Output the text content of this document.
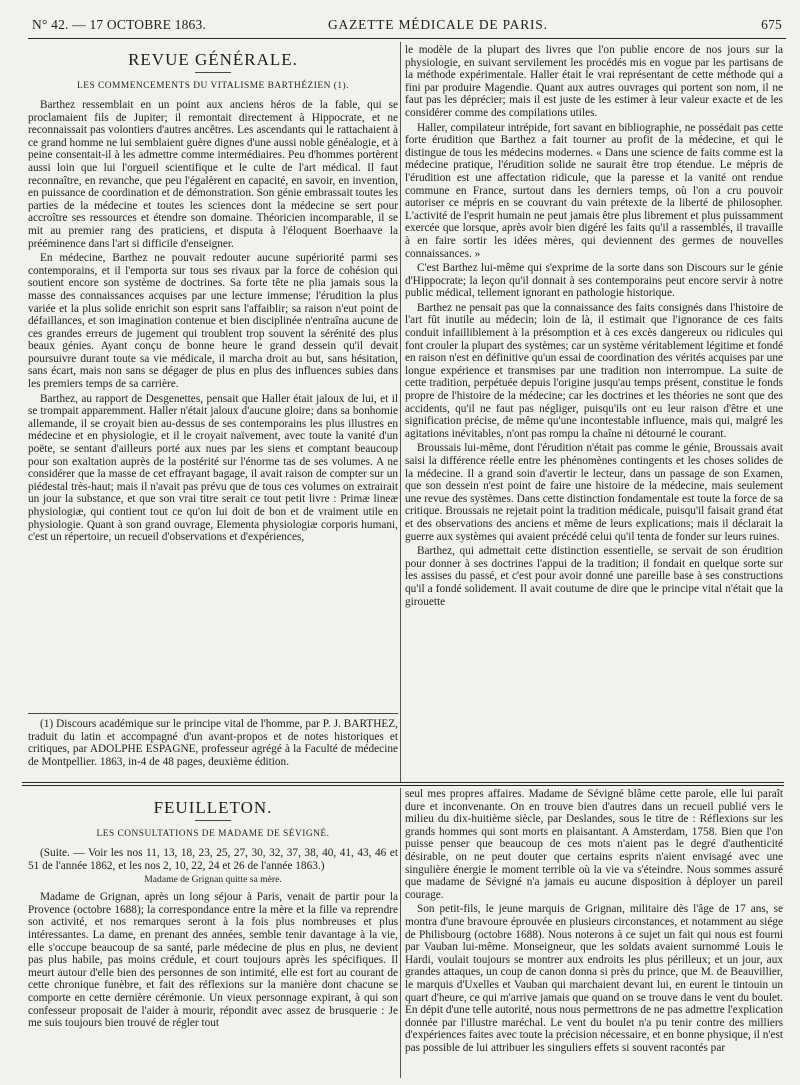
N° 42. — 17 OCTOBRE 1863.	GAZETTE MÉDICALE DE PARIS.	675
REVUE GÉNÉRALE.
LES COMMENCEMENTS DU VITALISME BARTHÉZIEN (1).

Barthez ressemblait en un point aux anciens héros de la fable, qui se proclamaient fils de Jupiter; il remontait directement à Hippocrate, et ne reconnaissait pas volontiers d'autres ancêtres. Les ascendants qui le rattachaient à ce grand homme ne lui semblaient guère dignes d'une aussi noble généalogie, et à peine consentait-il à les admettre comme intermédiaires. Peu d'hommes portèrent aussi loin que lui l'orgueil scientifique et le culte de l'art médical. Il faut reconnaître, en revanche, que peu l'égalèrent en capacité, en savoir, en invention, en puissance de coordination et de démonstration. Son génie embrassait toutes les parties de la médecine et toutes les sciences dont la médecine se sert pour accroître ses ressources et étendre son domaine. Théoricien incomparable, il se mit au premier rang des praticiens, et disputa à l'éloquent Boerhaave la prééminence dans l'art si difficile d'enseigner.

En médecine, Barthez ne pouvait redouter aucune supériorité parmi ses contemporains, et il l'emporta sur tous ses rivaux par la force de cohésion qui soutient encore son système de doctrines. Sa forte tête ne plia jamais sous la masse des connaissances acquises par une lecture immense; l'érudition la plus variée et la plus solide enrichit son esprit sans l'affaiblir; sa raison n'eut point de défaillances, et son imagination contenue et bien disciplinée n'entraîna aucune de ces grandes erreurs de jugement qui troublent trop souvent la sérénité des plus beaux génies. Ayant conçu de bonne heure le grand dessein qu'il devait poursuivre durant toute sa vie médicale, il marcha droit au but, sans hésitation, sans écart, mais non sans se dégager de plus en plus des influences subies dans les premiers temps de sa carrière.

Barthez, au rapport de Desgenettes, pensait que Haller était jaloux de lui, et il se trompait apparemment. Haller n'était jaloux d'aucune gloire; dans sa bonhomie allemande, il se croyait bien au-dessus de ses contemporains les plus illustres en médecine et en physiologie, et il le croyait naïvement, avec toute la vanité d'un poëte, se sentant d'ailleurs porté aux nues par les siens et comptant beaucoup pour son exaltation auprès de la postérité sur l'énorme tas de ses volumes. A ne considérer que la masse de cet effrayant bagage, il avait raison de compter sur un piédestal très-haut; mais il n'avait pas prévu que de tous ces volumes on extrairait un jour la substance, et que son vrai titre serait ce tout petit livre : Primæ lineæ physiologiæ, qui contient tout ce qu'on lui doit de bon et de vraiment utile en physiologie. Quant à son grand ouvrage, Elementa physiologiæ corporis humani, c'est un répertoire, un recueil d'observations et d'expériences,

(1) Discours académique sur le principe vital de l'homme, par P. J. BARTHEZ, traduit du latin et accompagné d'un avant-propos et de notes historiques et critiques, par ADOLPHE ESPAGNE, professeur agrégé à la Faculté de médecine de Montpellier. 1863, in-4 de 48 pages, deuxième édition.

le modèle de la plupart des livres que l'on publie encore de nos jours sur la physiologie, en suivant servilement les procédés mis en vogue par les partisans de la méthode expérimentale. Haller était le vrai représentant de cette méthode qui a fini par produire Magendie. Quant aux autres ouvrages qui portent son nom, il ne faut pas les déprécier; mais il est juste de les estimer à leur valeur exacte et de les considérer comme des compilations utiles.

Haller, compilateur intrépide, fort savant en bibliographie, ne possédait pas cette forte érudition que Barthez a fait tourner au profit de la médecine, et qui le distingue de tous les médecins modernes. « Dans une science de faits comme est la médecine pratique, l'érudition solide ne saurait être trop étendue. Le mépris de l'érudition est une affectation ridicule, que la paresse et la vanité ont rendue commune en France, surtout dans les derniers temps, où l'on a cru pouvoir autoriser ce mépris en se couvrant du vain prétexte de la liberté de philosopher. L'activité de l'esprit humain ne peut jamais être plus librement et plus puissamment exercée que lorsque, après avoir bien digéré les faits qu'il a rassemblés, il travaille à en faire sortir les idées mères, qui deviennent des germes de nouvelles connaissances. »

C'est Barthez lui-même qui s'exprime de la sorte dans son Discours sur le génie d'Hippocrate; la leçon qu'il donnait à ses contemporains peut encore servir à notre public médical, tellement ignorant en pathologie historique.

Barthez ne pensait pas que la connaissance des faits consignés dans l'histoire de l'art fût inutile au médecin; loin de là, il estimait que l'ignorance de ces faits conduit infailliblement à la présomption et à ces excès dangereux ou ridicules qui font crouler la plupart des systèmes; car un système véritablement légitime et fondé en raison n'est en définitive qu'un essai de coordination des vérités acquises par une longue expérience et transmises par une tradition non interrompue. La suite de cette tradition, perpétuée depuis l'origine jusqu'au temps présent, constitue le fonds propre de l'histoire de la médecine; car les doctrines et les théories ne sont que des accidents, qu'il ne faut pas négliger, puisqu'ils ont eu leur raison d'être et une signification précise, de même qu'une incontestable influence, mais qui, malgré les agitations inévitables, n'ont pas rompu la chaîne ni détourné le courant.

Broussais lui-même, dont l'érudition n'était pas comme le génie, Broussais avait saisi la différence réelle entre les phénomènes contingents et les choses solides de la médecine. Il a grand soin d'avertir le lecteur, dans un passage de son Examen, que son dessein n'est point de faire une histoire de la médecine, mais seulement une revue des systèmes. Dans cette distinction fondamentale est toute la force de sa critique. Broussais ne rejetait point la tradition médicale, puisqu'il faisait grand état et des observations des anciens et même de leurs explications; mais il déclarait la guerre aux systèmes qui avaient précédé celui qu'il tenta de fonder sur leurs ruines.

Barthez, qui admettait cette distinction essentielle, se servait de son érudition pour donner à ses doctrines l'appui de la tradition; il fondait en quelque sorte sur les assises du passé, et c'est pour avoir donné une pareille base à ses constructions qu'il a fondé solidement. Il avait coutume de dire que le principe vital n'était que la girouette

FEUILLETON.
LES CONSULTATIONS DE MADAME DE SÉVIGNÉ.

(Suite. — Voir les nos 11, 13, 18, 23, 25, 27, 30, 32, 37, 38, 40, 41, 43, 46 et 51 de l'année 1862, et les nos 2, 10, 22, 24 et 26 de l'année 1863.)

Madame de Grignan quitte sa mère.

Madame de Grignan, après un long séjour à Paris, venait de partir pour la Provence (octobre 1688); la correspondance entre la mère et la fille va reprendre son activité, et nos remarques seront à la fois plus nombreuses et plus intéressantes. La dame, en prenant des années, semble tenir davantage à la vie, elle s'occupe beaucoup de sa santé, parle médecine de plus en plus, ne devient pas plus habile, pas moins crédule, et court toujours après les spécifiques. Il meurt autour d'elle bien des personnes de son intimité, elle est fort au courant de cette chronique funèbre, et fait des réflexions sur la manière dont chacune se comporte en cette dernière cérémonie. Un vieux personnage expirant, à qui son confesseur proposait de l'aider à mourir, répondit avec assez de brusquerie : Je me suis toujours bien trouvé de régler tout

seul mes propres affaires. Madame de Sévigné blâme cette parole, elle lui paraît dure et inconvenante. On en trouve bien d'autres dans un recueil publié vers le milieu du dix-huitième siècle, par Deslandes, sous le titre de : Réflexions sur les grands hommes qui sont morts en plaisantant. A Amsterdam, 1758. Bien que l'on puisse penser que beaucoup de ces mots n'aient pas le degré d'authenticité désirable, on ne peut douter que certains esprits n'aient envisagé avec une singulière énergie le moment terrible où la vie va s'éteindre. Nous sommes assuré que madame de Sévigné n'a jamais eu aucune disposition à déployer un pareil courage.

Son petit-fils, le jeune marquis de Grignan, militaire dès l'âge de 17 ans, se montra d'une bravoure éprouvée en plusieurs circonstances, et notamment au siége de Philisbourg (octobre 1688). Nous noterons à ce sujet un fait qui nous est fourni par Vauban lui-même. Monseigneur, que les soldats avaient surnommé Louis le Hardi, voulait toujours se montrer aux endroits les plus périlleux; et un jour, aux grandes attaques, un coup de canon donna si près du prince, que M. de Beauvillier, le marquis d'Uxelles et Vauban qui marchaient devant lui, en eurent le tintouin un quart d'heure, ce qui m'arrive jamais que quand on se trouve dans le vent du boulet. En dépit d'une telle autorité, nous nous permettrons de ne pas admettre l'explication donnée par l'illustre maréchal. Le vent du boulet n'a pu tenir contre des milliers d'expériences faites avec toute la précision nécessaire, et en bonne physique, il n'est pas possible de lui attribuer les singuliers effets si souvent racontés par
